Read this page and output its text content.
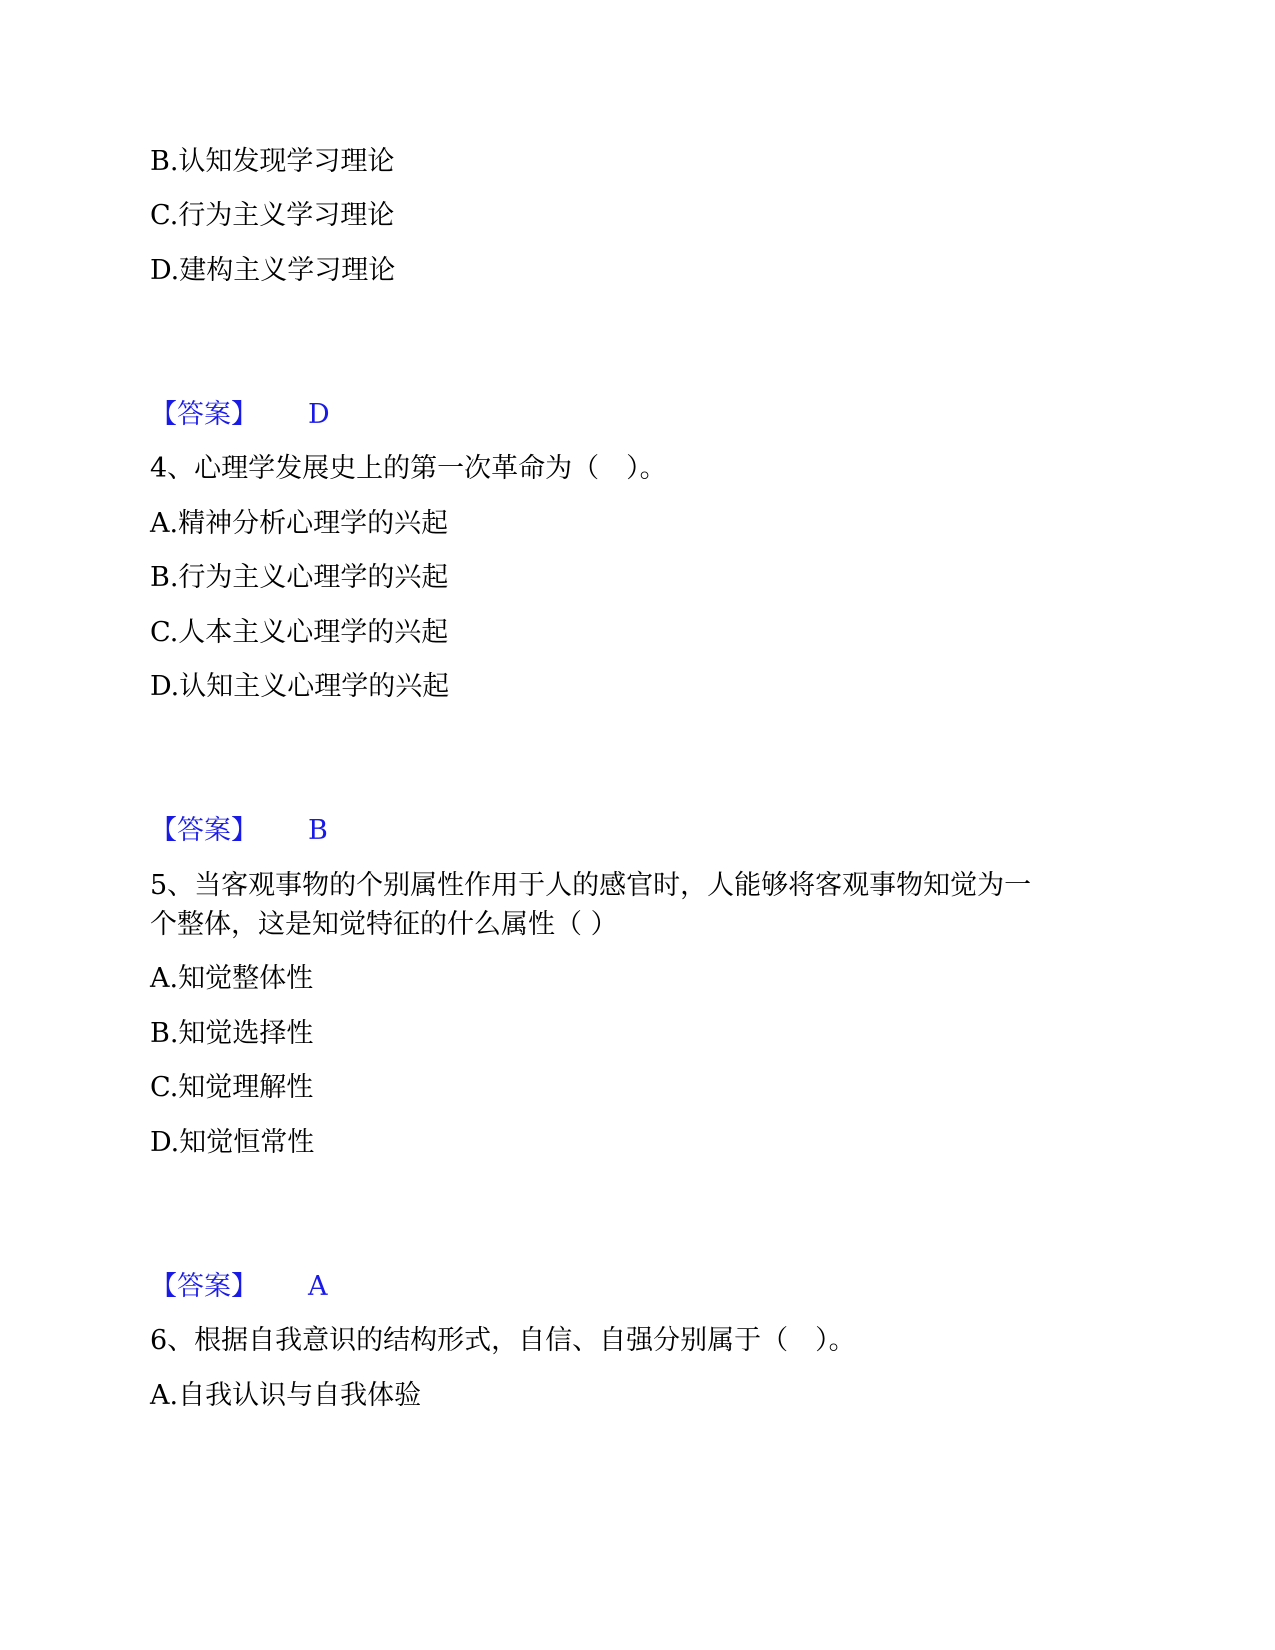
B.认知发现学习理论
C.行为主义学习理论
D.建构主义学习理论
【答案】 D
4、心理学发展史上的第一次革命为（　）。
A.精神分析心理学的兴起
B.行为主义心理学的兴起
C.人本主义心理学的兴起
D.认知主义心理学的兴起
【答案】 B
5、当客观事物的个别属性作用于人的感官时，人能够将客观事物知觉为一
个整体，这是知觉特征的什么属性（ ）
A.知觉整体性
B.知觉选择性
C.知觉理解性
D.知觉恒常性
【答案】 A
6、根据自我意识的结构形式，自信、自强分别属于（　）。
A.自我认识与自我体验
